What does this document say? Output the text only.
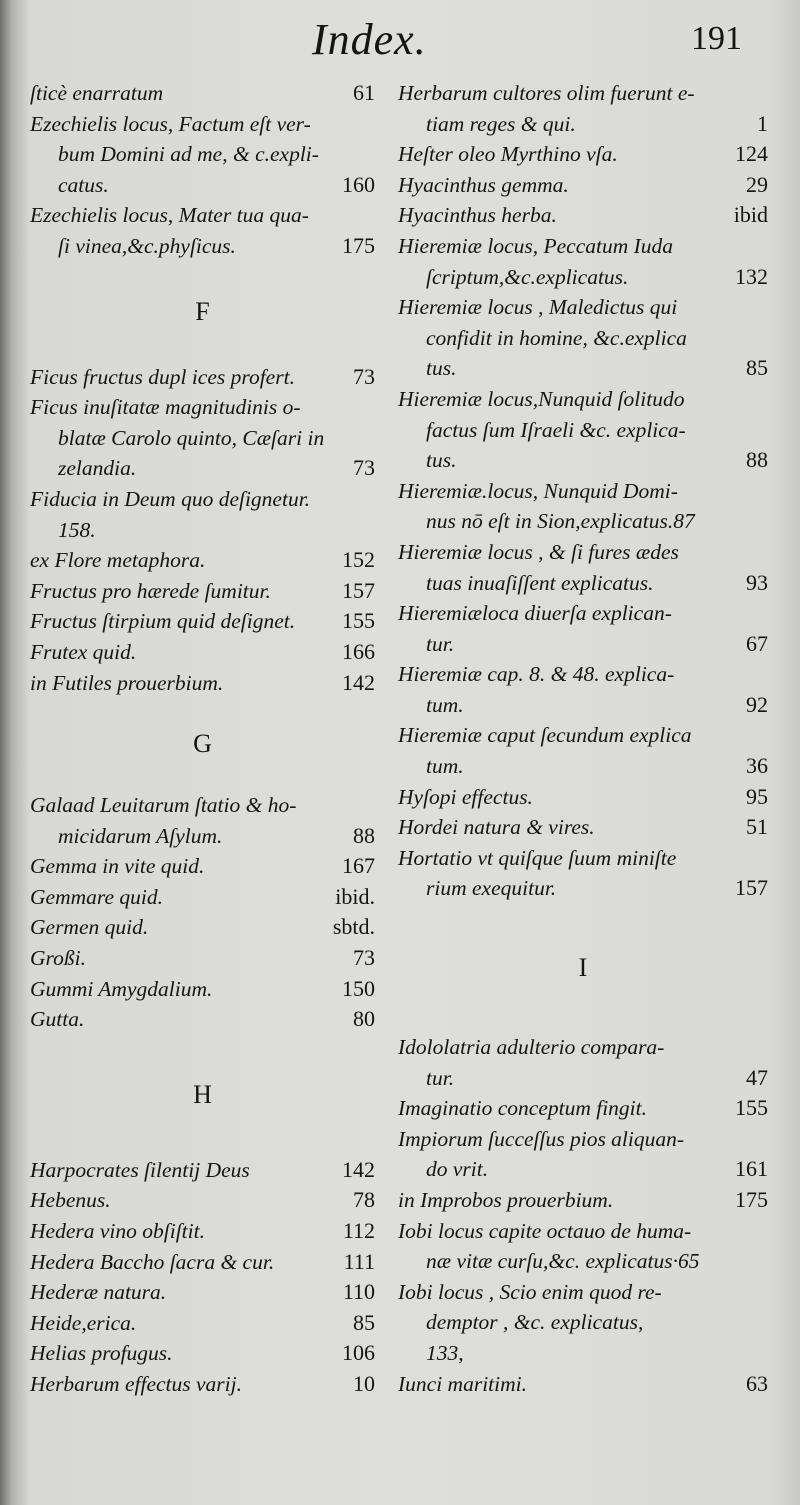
Index.	191
ſticè enarratum	61
Ezechielis locus, Factum eſt ver-
bum Domini ad me, & c.expli-
catus.	160
Ezechielis locus, Mater tua qua-
ſi vinea,&c.phyſicus.	175
F
Ficus fructus dupl ices profert.	73
Ficus inuſitatæ magnitudinis o-
blatæ Carolo quinto, Cæſari in
zelandia.	73
Fiducia in Deum quo deſignetur.
158.
ex Flore metaphora.	152
Fructus pro hærede ſumitur.	157
Fructus ſtirpium quid deſignet.	155
Frutex quid.	166
in Futiles prouerbium.	142
G
Galaad Leuitarum ſtatio & ho-
micidarum Aſylum.	88
Gemma in vite quid.	167
Gemmare quid.	ibid.
Germen quid.	sbtd.
Großi.	73
Gummi Amygdalium.	150
Gutta.	80
H
Harpocrates ſilentij Deus	142
Hebenus.	78
Hedera vino obſiſtit.	112
Hedera Baccho ſacra & cur.	111
Hederæ natura.	110
Heide,erica.	85
Helias profugus.	106
Herbarum effectus varij.	10
Herbarum cultores olim fuerunt e-
tiam reges & qui.	1
Heſter oleo Myrthino vſa.	124
Hyacinthus gemma.	29
Hyacinthus herba.	ibid
Hieremiæ locus, Peccatum Iuda
ſcriptum,&c.explicatus.	132
Hieremiæ locus , Maledictus qui
confidit in homine, &c.explica
tus.	85
Hieremiæ locus,Nunquid ſolitudo
factus ſum Iſraeli &c. explica-
tus.	88
Hieremiæ.locus, Nunquid Domi-
nus nō eſt in Sion,explicatus.87
Hieremiæ locus , & ſi fures ædes
tuas inuaſiſſent explicatus.	93
Hieremiæloca diuerſa explican-
tur.	67
Hieremiæ cap. 8. & 48. explica-
tum.	92
Hieremiæ caput ſecundum explica
tum.	36
Hyſopi effectus.	95
Hordei natura & vires.	51
Hortatio vt quiſque ſuum miniſte
rium exequitur.	157
I
Idololatria adulterio compara-
tur.	47
Imaginatio conceptum fingit.	155
Impiorum ſucceſſus pios aliquan-
do vrit.	161
in Improbos prouerbium.	175
Iobi locus capite octauo de huma-
næ vitæ curſu,&c. explicatus·65
Iobi locus , Scio enim quod re-
demptor , &c. explicatus,
133,
Iunci maritimi.	63
